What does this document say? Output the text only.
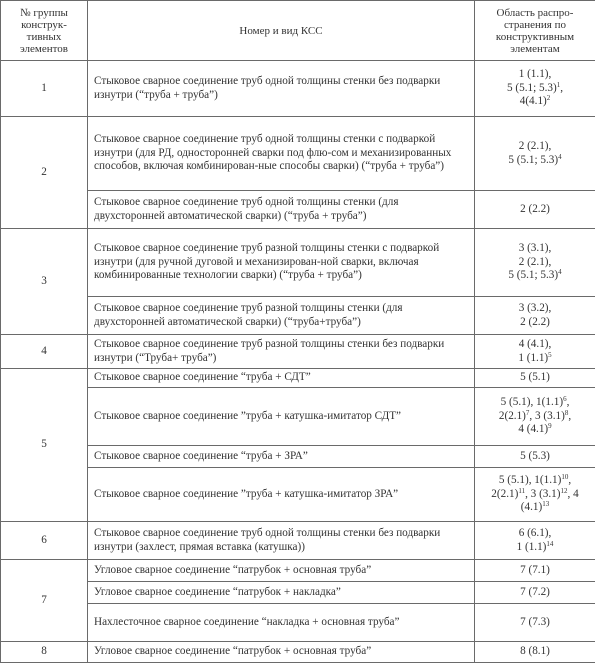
№ группы конструк-тивных элементов	Номер и вид КСС	Область распро-странения по конструктивным элементам
1	Стыковое сварное соединение труб одной толщины стенки без подварки изнутри (“труба + труба”)	1 (1.1),
5 (5.1; 5.3)$^1$,
$4(4.1)^2$
2	Стыковое сварное соединение труб одной толщины стенки с подваркой изнутри (для РД, односторонней сварки под флю-сом и механизированных способов, включая комбинирован-ные способы сварки) (“труба + труба”)	2 (2.1),
5 (5.1; 5.3)$^4$
	Стыковое сварное соединение труб одной толщины стенки (для двухсторонней автоматической сварки) (“труба + труба”)	2 (2.2)
3	Стыковое сварное соединение труб разной толщины стенки с подваркой изнутри (для ручной дуговой и механизирован-ной сварки, включая комбинированные технологии сварки) (“труба + труба”)	3 (3.1),
2 (2.1),
5 (5.1; 5.3)$^4$
	Стыковое сварное соединение труб разной толщины стенки (для двухсторонней автоматической сварки) (“труба+труба”)	3 (3.2),
2 (2.2)
4	Стыковое сварное соединение труб разной толщины стенки без подварки изнутри (“Труба+ труба”)	4 (4.1),
1 $(1.1)^5$
5	Стыковое сварное соединение “труба + СДТ”	5 (5.1)
	Стыковое сварное соединение ”труба + катушка-имитатор СДТ”	5 (5.1), $1(1.1)^6$,
$2(2.1)^7$, 3 $(3.1)^8$,
4 $(4.1)^9$
	Стыковое сварное соединение “труба + ЗРА”	5 (5.3)
	Стыковое сварное соединение ”труба + катушка-имитатор ЗРА”	5 (5.1), $1(1.1)^{10}$,
$2(2.1)^{11}$, 3 $(3.1)^{12}$, 4
$(4.1)^{13}$
6	Стыковое сварное соединение труб одной толщины стенки без подварки изнутри (захлест, прямая вставка (катушка))	6 (6.1),
1 $(1.1)^{14}$
7	Угловое сварное соединение “патрубок + основная труба”	7 (7.1)
	Угловое сварное соединение “патрубок + накладка”	7 (7.2)
	Нахлесточное сварное соединение “накладка + основная труба”	7 (7.3)
8	Угловое сварное соединение “патрубок + основная труба”	8 (8.1)
